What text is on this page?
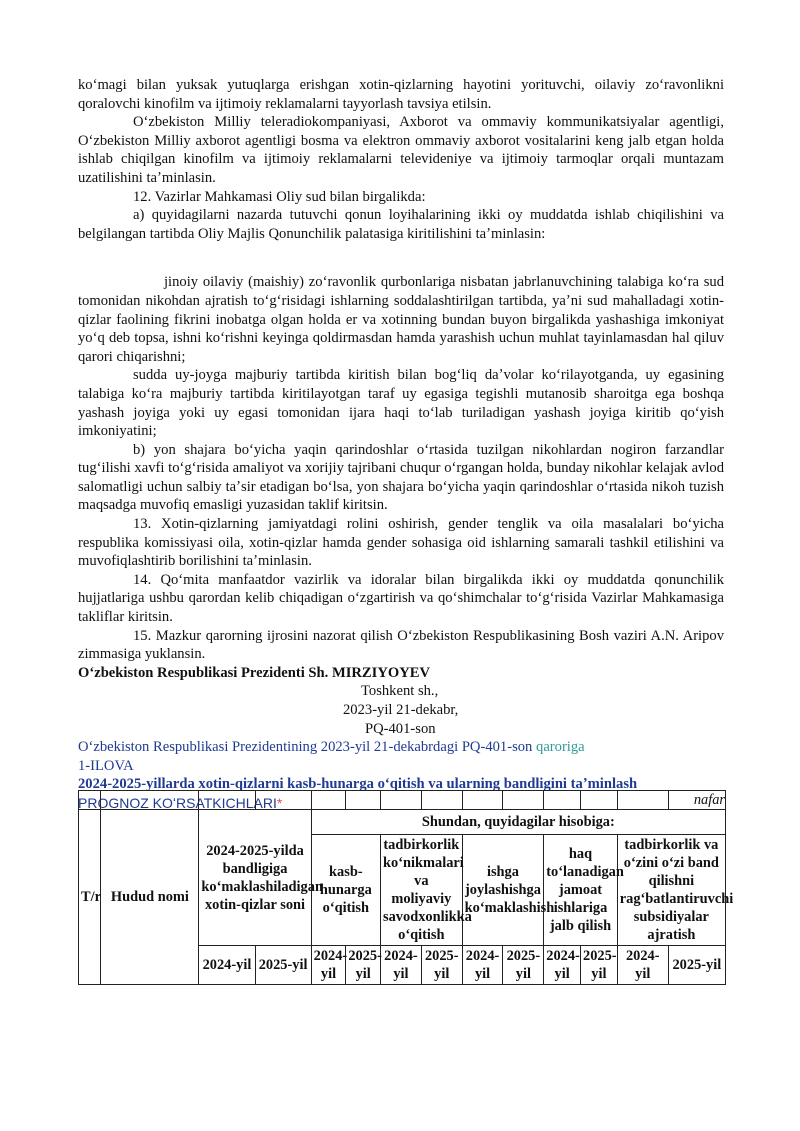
koʻmagi bilan yuksak yutuqlarga erishgan xotin-qizlarning hayotini yorituvchi, oilaviy zoʻravonlikni qoralovchi kinofilm va ijtimoiy reklamalarni tayyorlash tavsiya etilsin.

Oʻzbekiston Milliy teleradiokompaniyasi, Axborot va ommaviy kommunikatsiyalar agentligi, Oʻzbekiston Milliy axborot agentligi bosma va elektron ommaviy axborot vositalarini keng jalb etgan holda ishlab chiqilgan kinofilm va ijtimoiy reklamalarni televideniye va ijtimoiy tarmoqlar orqali muntazam uzatilishini taʼminlasin.

12. Vazirlar Mahkamasi Oliy sud bilan birgalikda:

a) quyidagilarni nazarda tutuvchi qonun loyihalarining ikki oy muddatda ishlab chiqilishini va belgilangan tartibda Oliy Majlis Qonunchilik palatasiga kiritilishini taʼminlasin:

jinoiy oilaviy (maishiy) zoʻravonlik qurbonlariga nisbatan jabrlanuvchining talabiga koʻra sud tomonidan nikohdan ajratish toʻgʻrisidagi ishlarning soddalashtirilgan tartibda, yaʼni sud mahalladagi xotin-qizlar faolining fikrini inobatga olgan holda er va xotinning bundan buyon birgalikda yashashiga imkoniyat yoʻq deb topsa, ishni koʻrishni keyinga qoldirmasdan hamda yarashish uchun muhlat tayinlamasdan hal qiluv qarori chiqarishni;

sudda uy-joyga majburiy tartibda kiritish bilan bogʻliq daʼvolar koʻrilayotganda, uy egasining talabiga koʻra majburiy tartibda kiritilayotgan taraf uy egasiga tegishli mutanosib sharoitga ega boshqa yashash joyiga yoki uy egasi tomonidan ijara haqi toʻlab turiladigan yashash joyiga kiritib qoʻyish imkoniyatini;

b) yon shajara boʻyicha yaqin qarindoshlar oʻrtasida tuzilgan nikohlardan nogiron farzandlar tugʻilishi xavfi toʻgʻrisida amaliyot va xorijiy tajribani chuqur oʻrgangan holda, bunday nikohlar kelajak avlod salomatligi uchun salbiy taʼsir etadigan boʻlsa, yon shajara boʻyicha yaqin qarindoshlar oʻrtasida nikoh tuzish maqsadga muvofiq emasligi yuzasidan taklif kiritsin.

13. Xotin-qizlarning jamiyatdagi rolini oshirish, gender tenglik va oila masalalari boʻyicha respublika komissiyasi oila, xotin-qizlar hamda gender sohasiga oid ishlarning samarali tashkil etilishini va muvofiqlashtirib borilishini taʼminlasin.

14. Qoʻmita manfaatdor vazirlik va idoralar bilan birgalikda ikki oy muddatda qonunchilik hujjatlariga ushbu qarordan kelib chiqadigan oʻzgartirish va qoʻshimchalar toʻgʻrisida Vazirlar Mahkamasiga takliflar kiritsin.

15. Mazkur qarorning ijrosini nazorat qilish Oʻzbekiston Respublikasining Bosh vaziri A.N. Aripov zimmasiga yuklansin.

Oʻzbekiston Respublikasi Prezidenti Sh. MIRZIYOYEV

Toshkent sh.,

2023-yil 21-dekabr,

PQ-401-son

Oʻzbekiston Respublikasi Prezidentining 2023-yil 21-dekabrdagi PQ-401-son qaroriga

1-ILOVA

2024-2025-yillarda xotin-qizlarni kasb-hunarga oʻqitish va ularning bandligini taʼminlash

PROGNOZ KOʻRSATKICHLARI*

														nafar
T/r	Hudud nomi	2024-2025-yilda bandligiga koʻmaklashiladigan xotin-qizlar soni		Shundan, quyidagilar hisobiga:									
				kasb-hunarga oʻqitish		tadbirkorlik koʻnikmalari va moliyaviy savodxonlikka oʻqitish		ishga joylashishga koʻmaklashish		haq toʻlanadigan jamoat ishlariga jalb qilish		tadbirkorlik va oʻzini oʻzi band qilishni ragʻbatlantiruvchi subsidiyalar ajratish	
		2024-yil	2025-yil	2024-yil	2025-yil	2024-yil	2025-yil	2024-yil	2025-yil	2024-yil	2025-yil	2024-yil	2025-yil
